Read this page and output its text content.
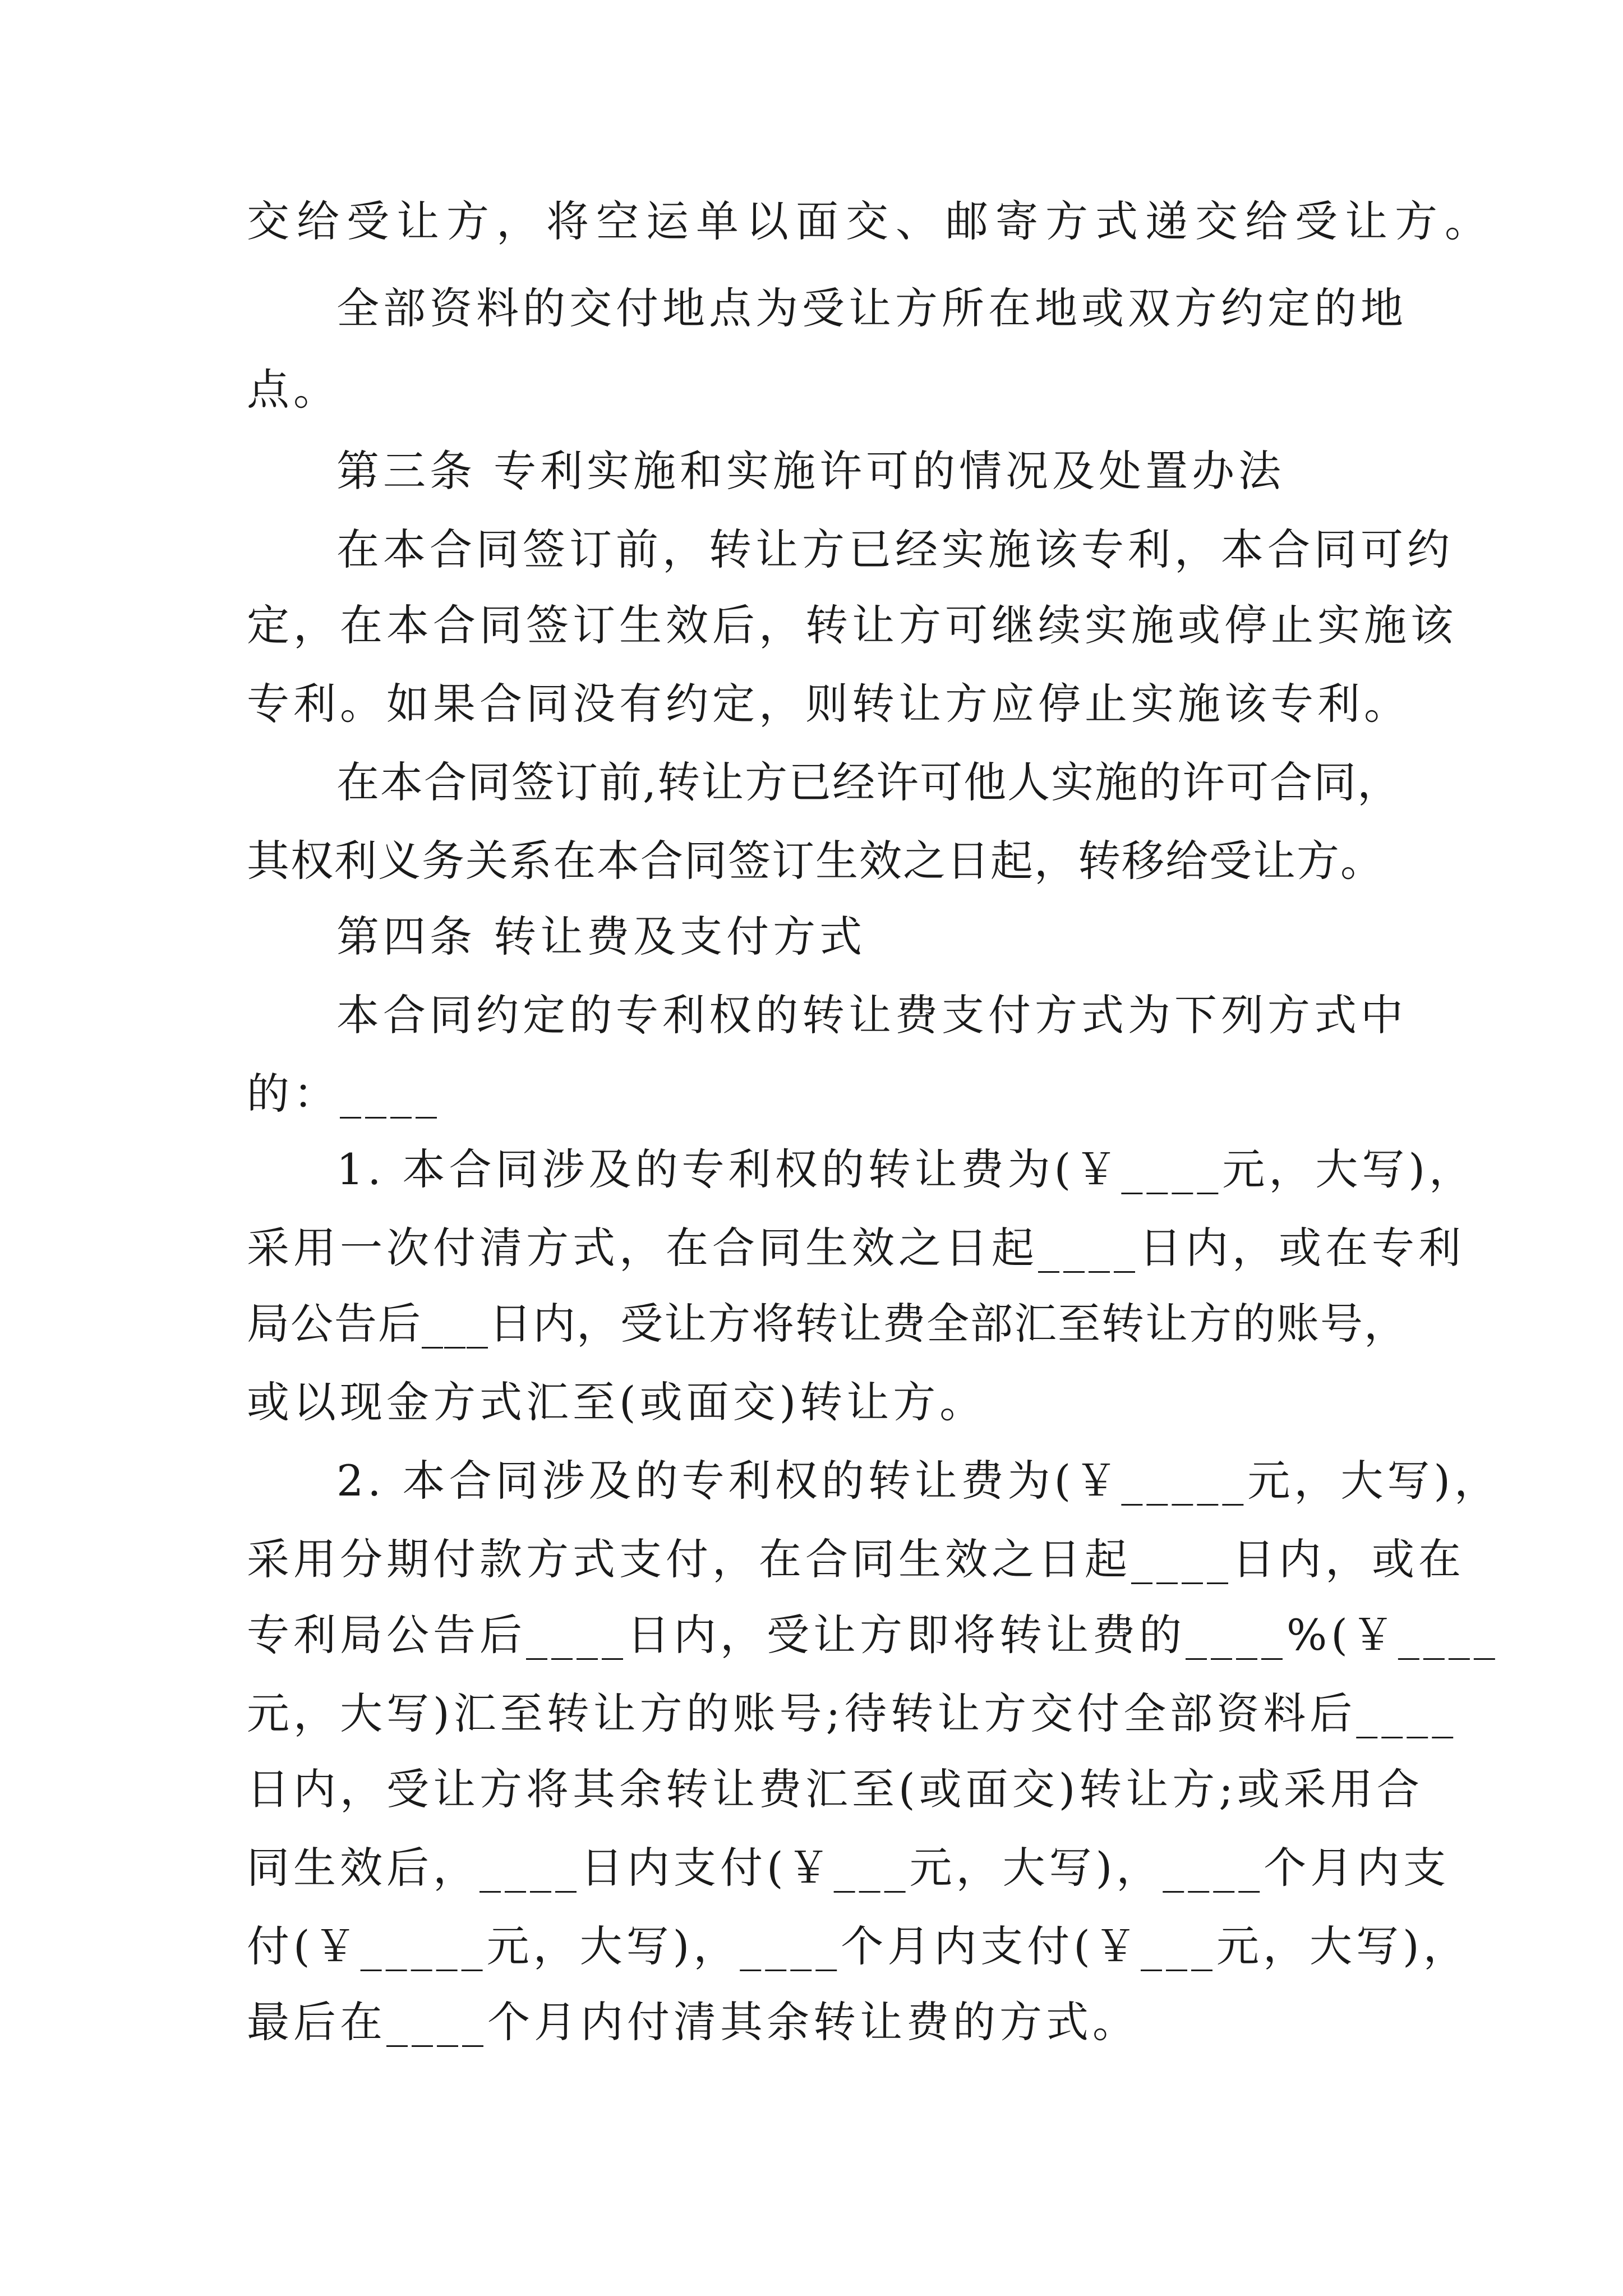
交给受让方，将空运单以面交、邮寄方式递交给受让方。
全部资料的交付地点为受让方所在地或双方约定的地
点。
第三条 专利实施和实施许可的情况及处置办法
在本合同签订前，转让方已经实施该专利，本合同可约
定，在本合同签订生效后，转让方可继续实施或停止实施该
专利。如果合同没有约定，则转让方应停止实施该专利。
在本合同签订前,转让方已经许可他人实施的许可合同，
其权利义务关系在本合同签订生效之日起，转移给受让方。
第四条 转让费及支付方式
本合同约定的专利权的转让费支付方式为下列方式中
的：____
1. 本合同涉及的专利权的转让费为(￥____元，大写)，
采用一次付清方式，在合同生效之日起____日内，或在专利
局公告后___日内，受让方将转让费全部汇至转让方的账号，
或以现金方式汇至(或面交)转让方。
2. 本合同涉及的专利权的转让费为(￥_____元，大写)，
采用分期付款方式支付，在合同生效之日起____日内，或在
专利局公告后____日内，受让方即将转让费的____%(￥____
元，大写)汇至转让方的账号;待转让方交付全部资料后____
日内，受让方将其余转让费汇至(或面交)转让方;或采用合
同生效后，____日内支付(￥___元，大写)，____个月内支
付(￥_____元，大写)，____个月内支付(￥___元，大写)，
最后在____个月内付清其余转让费的方式。
